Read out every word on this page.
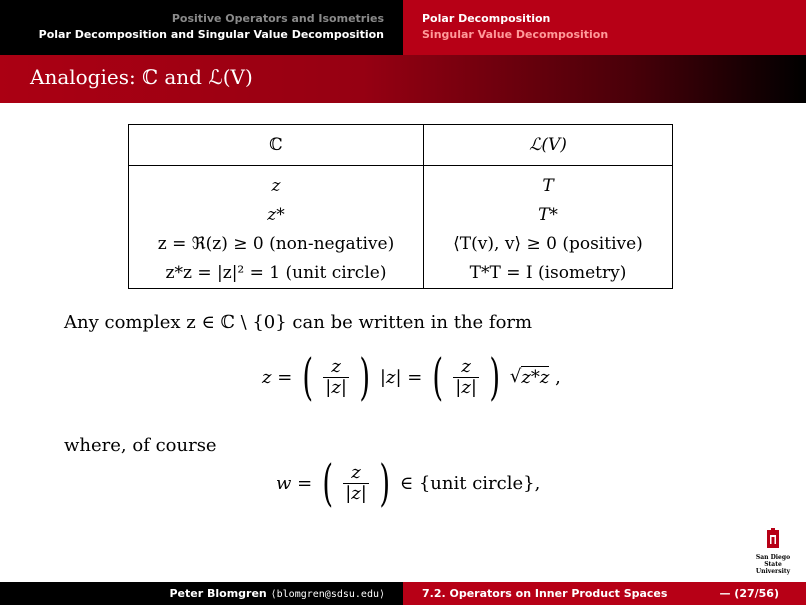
Positive Operators and Isometries
Polar Decomposition and Singular Value Decomposition
Polar Decomposition
Singular Value Decomposition
Analogies: ℂ and ℒ(V)
ℂ	ℒ(V)
z	T
z*	T*
z = ℜ(z) ≥ 0 (non-negative)	⟨T(v), v⟩ ≥ 0 (positive)
z*z = |z|² = 1 (unit circle)	T*T = I (isometry)
Any complex z ∈ ℂ \ {0} can be written in the form
z = ( $\frac{z}{|z|}$ ) |z| = ( $\frac{z}{|z|}$ ) √z*z ,
where, of course
w = ( $\frac{z}{|z|}$ ) ∈ {unit circle},
San Diego State
University
Peter Blomgren ⟨blomgren@sdsu.edu⟩	7.2. Operators on Inner Product Spaces	— (27/56)
